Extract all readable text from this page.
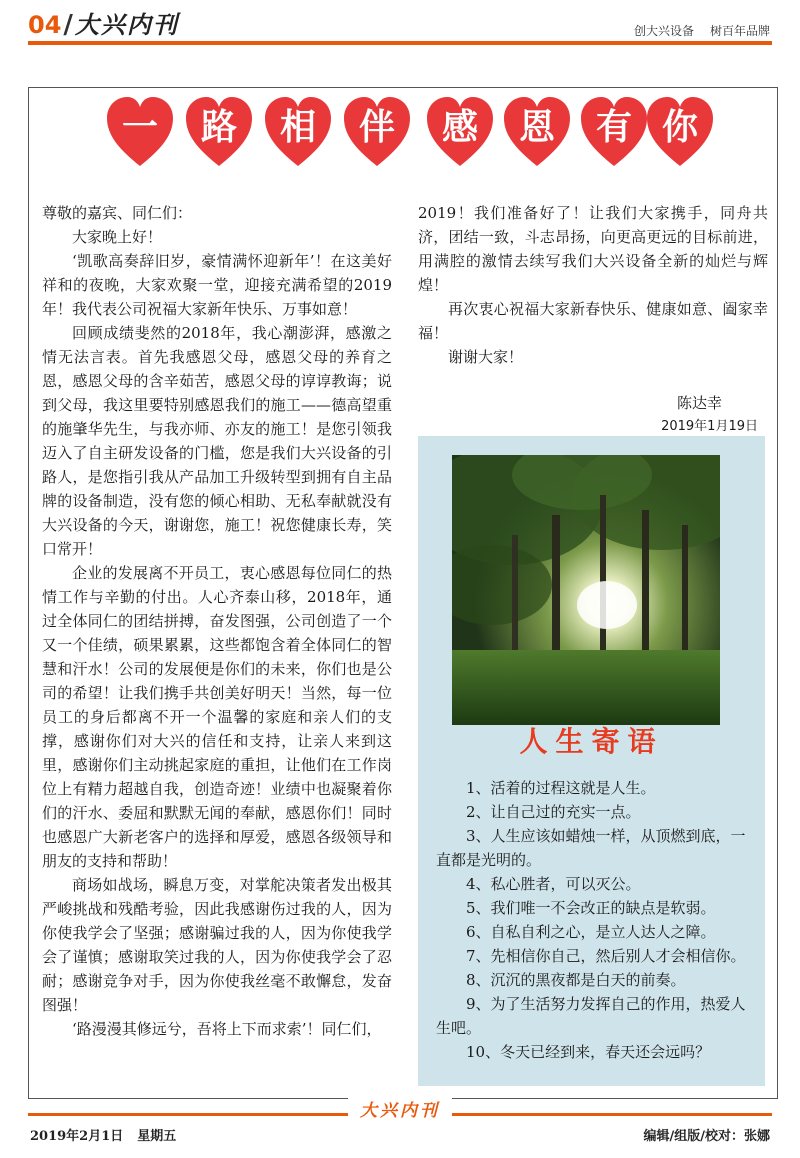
04 / 大兴内刊	创大兴设备 树百年品牌
一	路	相	伴	感	恩	有 你

尊敬的嘉宾、同仁们：

大家晚上好！

‘凯歌高奏辞旧岁，豪情满怀迎新年’！在这美好祥和的夜晚，大家欢聚一堂，迎接充满希望的2019年！我代表公司祝福大家新年快乐、万事如意！

回顾成绩斐然的2018年，我心潮澎湃，感激之情无法言表。首先我感恩父母，感恩父母的养育之恩，感恩父母的含辛茹苦，感恩父母的谆谆教诲；说到父母，我这里要特别感恩我们的施工——德高望重的施肇华先生，与我亦师、亦友的施工！是您引领我迈入了自主研发设备的门槛，您是我们大兴设备的引路人，是您指引我从产品加工升级转型到拥有自主品牌的设备制造，没有您的倾心相助、无私奉献就没有大兴设备的今天，谢谢您，施工！祝您健康长寿，笑口常开！

企业的发展离不开员工，衷心感恩每位同仁的热情工作与辛勤的付出。人心齐泰山移，2018年，通过全体同仁的团结拼搏，奋发图强，公司创造了一个又一个佳绩，硕果累累，这些都饱含着全体同仁的智慧和汗水！公司的发展便是你们的未来，你们也是公司的希望！让我们携手共创美好明天！当然，每一位员工的身后都离不开一个温馨的家庭和亲人们的支撑，感谢你们对大兴的信任和支持，让亲人来到这里，感谢你们主动挑起家庭的重担，让他们在工作岗位上有精力超越自我，创造奇迹！业绩中也凝聚着你们的汗水、委屈和默默无闻的奉献，感恩你们！同时也感恩广大新老客户的选择和厚爱，感恩各级领导和朋友的支持和帮助！

商场如战场，瞬息万变，对掌舵决策者发出极其严峻挑战和残酷考验，因此我感谢伤过我的人，因为你使我学会了坚强；感谢骗过我的人，因为你使我学会了谨慎；感谢取笑过我的人，因为你使我学会了忍耐；感谢竞争对手，因为你使我丝毫不敢懈怠，发奋图强！

‘路漫漫其修远兮，吾将上下而求索’！同仁们，

2019！我们准备好了！让我们大家携手，同舟共济，团结一致，斗志昂扬，向更高更远的目标前进，用满腔的激情去续写我们大兴设备全新的灿烂与辉煌！

再次衷心祝福大家新春快乐、健康如意、阖家幸福！

谢谢大家！

陈达幸

2019年1月19日

人生寄语

1、活着的过程这就是人生。

2、让自己过的充实一点。

3、人生应该如蜡烛一样，从顶燃到底，一直都是光明的。

4、私心胜者，可以灭公。

5、我们唯一不会改正的缺点是软弱。

6、自私自利之心，是立人达人之障。

7、先相信你自己，然后别人才会相信你。

8、沉沉的黑夜都是白天的前奏。

9、为了生活努力发挥自己的作用，热爱人生吧。

10、冬天已经到来，春天还会远吗？

大兴内刊
2019年2月1日 星期五	编辑/组版/校对：张娜
